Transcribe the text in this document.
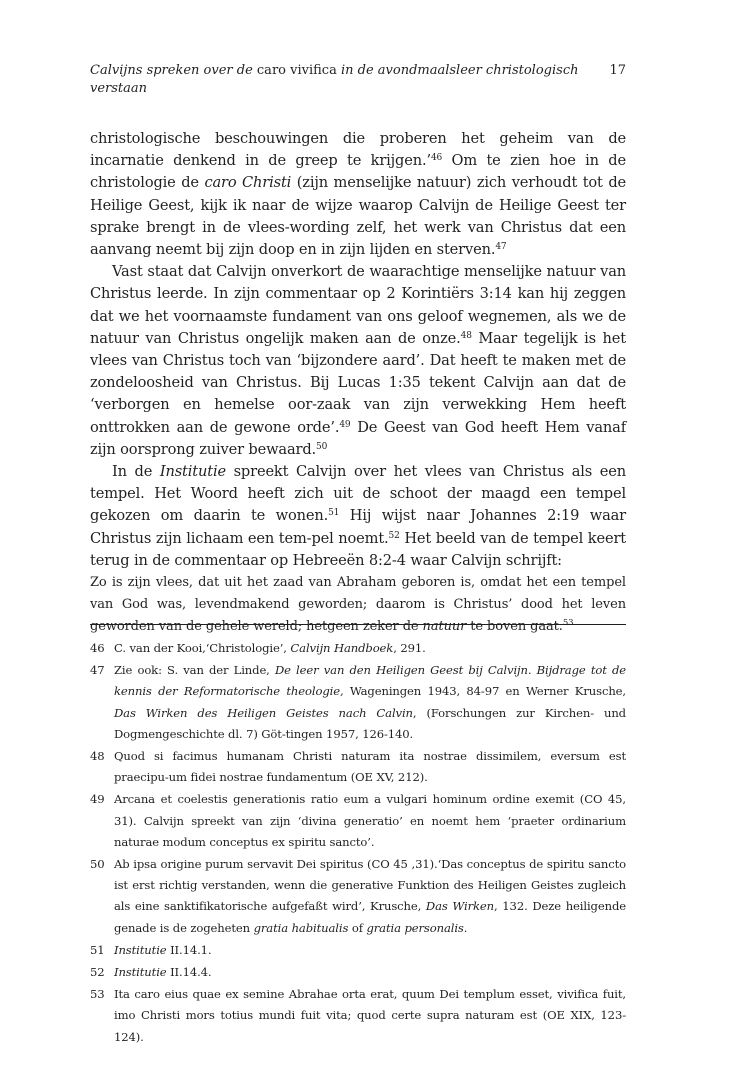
Calvijns spreken over de caro vivifica in de avondmaalsleer christologisch verstaan
17

christologische beschouwingen die proberen het geheim van de incarnatie denkend in de greep te krijgen.’$^{46}$ Om te zien hoe in de christologie de caro Christi (zijn menselijke natuur) zich verhoudt tot de Heilige Geest, kijk ik naar de wijze waarop Calvijn de Heilige Geest ter sprake brengt in de vlees-wording zelf, het werk van Christus dat een aanvang neemt bij zijn doop en in zijn lijden en sterven.$^{47}$

Vast staat dat Calvijn onverkort de waarachtige menselijke natuur van Christus leerde. In zijn commentaar op 2 Korintiërs 3:14 kan hij zeggen dat we het voornaamste fundament van ons geloof wegnemen, als we de natuur van Christus ongelijk maken aan de onze.$^{48}$ Maar tegelijk is het vlees van Christus toch van ‘bijzondere aard’. Dat heeft te maken met de zondeloosheid van Christus. Bij Lucas 1:35 tekent Calvijn aan dat de ‘verborgen en hemelse oor-zaak van zijn verwekking Hem heeft onttrokken aan de gewone orde’.$^{49}$ De Geest van God heeft Hem vanaf zijn oorsprong zuiver bewaard.$^{50}$

In de Institutie spreekt Calvijn over het vlees van Christus als een tempel. Het Woord heeft zich uit de schoot der maagd een tempel gekozen om daarin te wonen.$^{51}$ Hij wijst naar Johannes 2:19 waar Christus zijn lichaam een tem-pel noemt.$^{52}$ Het beeld van de tempel keert terug in de commentaar op Hebreeën 8:2-4 waar Calvijn schrijft:

Zo is zijn vlees, dat uit het zaad van Abraham geboren is, omdat het een tempel van God was, levendmakend geworden; daarom is Christus’ dood het leven geworden van de gehele wereld; hetgeen zeker de natuur te boven gaat.$^{53}$

46 C. van der Kooi,‘Christologie’, Calvijn Handboek, 291.
47 Zie ook: S. van der Linde, De leer van den Heiligen Geest bij Calvijn. Bijdrage tot de kennis der Reformatorische theologie, Wageningen 1943, 84-97 en Werner Krusche, Das Wirken des Heiligen Geistes nach Calvin, (Forschungen zur Kirchen- und Dogmengeschichte dl. 7) Göt-tingen 1957, 126-140.
48 Quod si facimus humanam Christi naturam ita nostrae dissimilem, eversum est praecipu-um fidei nostrae fundamentum (OE XV, 212).
49 Arcana et coelestis generationis ratio eum a vulgari hominum ordine exemit (CO 45, 31). Calvijn spreekt van zijn ‘divina generatio’ en noemt hem ‘praeter ordinarium naturae modum conceptus ex spiritu sancto’.
50 Ab ipsa origine purum servavit Dei spiritus (CO 45 ,31).‘Das conceptus de spiritu sancto ist erst richtig verstanden, wenn die generative Funktion des Heiligen Geistes zugleich als eine sanktifikatorische aufgefaßt wird’, Krusche, Das Wirken, 132. Deze heiligende genade is de zogeheten gratia habitualis of gratia personalis.
51 Institutie II.14.1.
52 Institutie II.14.4.
53 Ita caro eius quae ex semine Abrahae orta erat, quum Dei templum esset, vivifica fuit, imo Christi mors totius mundi fuit vita; quod certe supra naturam est (OE XIX, 123-124).
